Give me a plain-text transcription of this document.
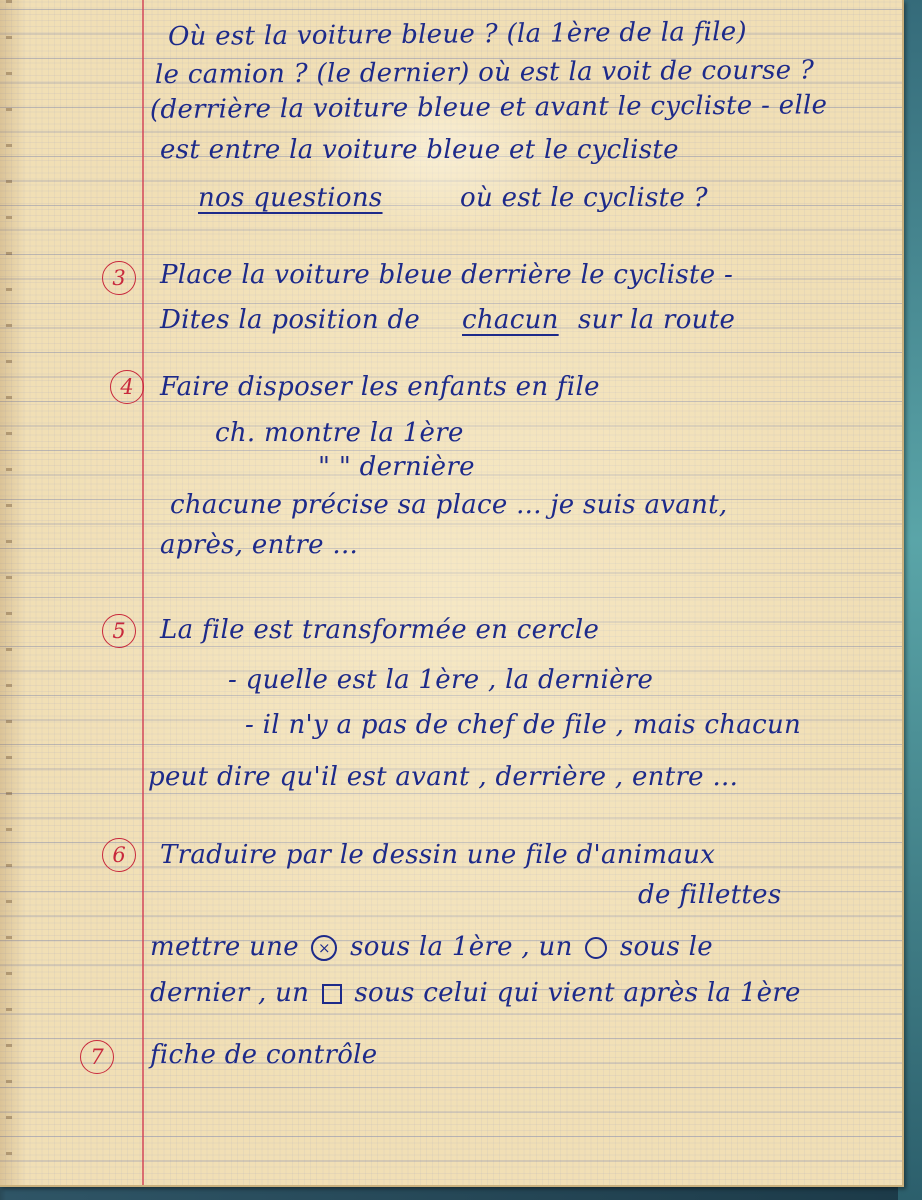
Où est la voiture bleue ? (la 1ère de la file)
le camion ? (le dernier) où est la voit de course ?
(derrière la voiture bleue et avant le cycliste - elle
est entre la voiture bleue et le cycliste
nos questions	où est le cycliste ?
3	Place la voiture bleue derrière le cycliste -
Dites la position de chacun sur la route
4	Faire disposer les enfants en file
ch. montre la 1ère
" " dernière
chacune précise sa place ... je suis avant,
après, entre ...
5	La file est transformée en cercle
- quelle est la 1ère , la dernière
- il n'y a pas de chef de file , mais chacun
peut dire qu'il est avant , derrière , entre ...
6	Traduire par le dessin une file d'animaux
de fillettes
mettre une × sous la 1ère , un sous le
dernier , un sous celui qui vient après la 1ère
7	fiche de contrôle
